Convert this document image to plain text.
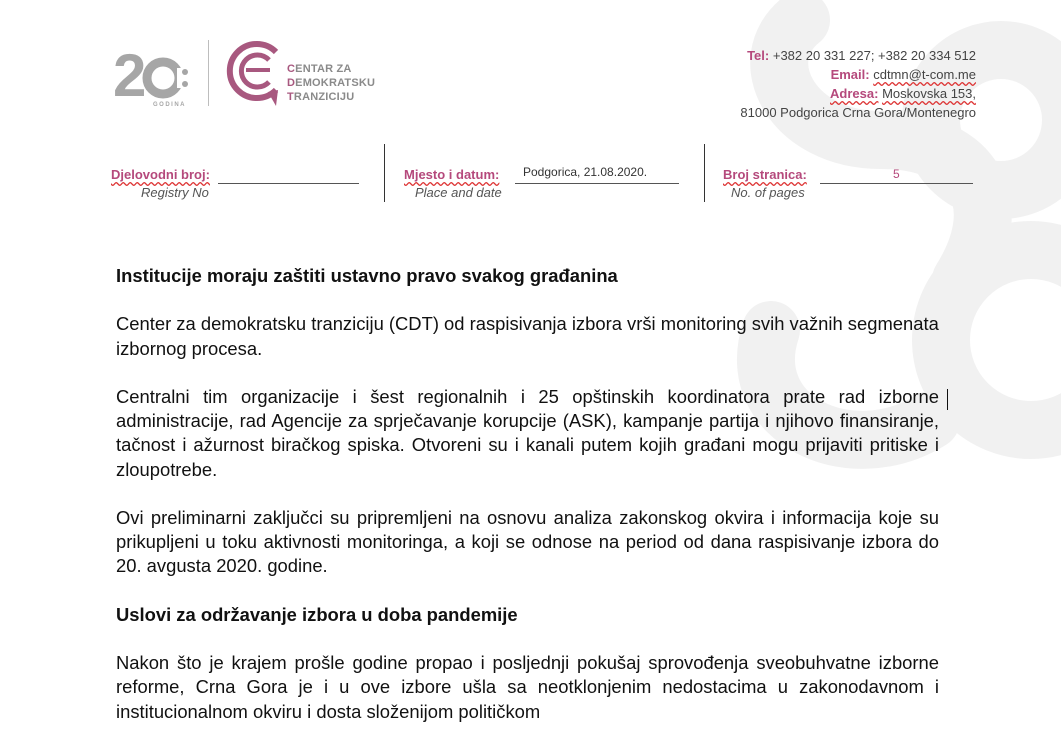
2	GODINA
CENTAR ZA
DEMOKRATSKU
TRANZICIJU
Tel: +382 20 331 227; +382 20 334 512
Email: cdtmn@t-com.me
Adresa: Moskovska 153,
81000 Podgorica Crna Gora/Montenegro
Djelovodni broj:
Registry No
Mjesto i datum:
Place and date
Podgorica, 21.08.2020.	Broj stranica:
No. of pages
5
Institucije moraju zaštiti ustavno pravo svakog građanina

Center za demokratsku tranziciju (CDT) od raspisivanja izbora vrši monitoring svih važnih segmenata izbornog procesa.

Centralni tim organizacije i šest regionalnih i 25 opštinskih koordinatora prate rad izborne administracije, rad Agencije za sprječavanje korupcije (ASK), kampanje partija i njihovo finansiranje, tačnost i ažurnost biračkog spiska. Otvoreni su i kanali putem kojih građani mogu prijaviti pritiske i zloupotrebe.

Ovi preliminarni zaključci su pripremljeni na osnovu analiza zakonskog okvira i informacija koje su prikupljeni u toku aktivnosti monitoringa, a koji se odnose na period od dana raspisivanje izbora do 20. avgusta 2020. godine.

Uslovi za održavanje izbora u doba pandemije

Nakon što je krajem prošle godine propao i posljednji pokušaj sprovođenja sveobuhvatne izborne reforme, Crna Gora je i u ove izbore ušla sa neotklonjenim nedostacima u zakonodavnom i institucionalnom okviru i dosta složenijom političkom
